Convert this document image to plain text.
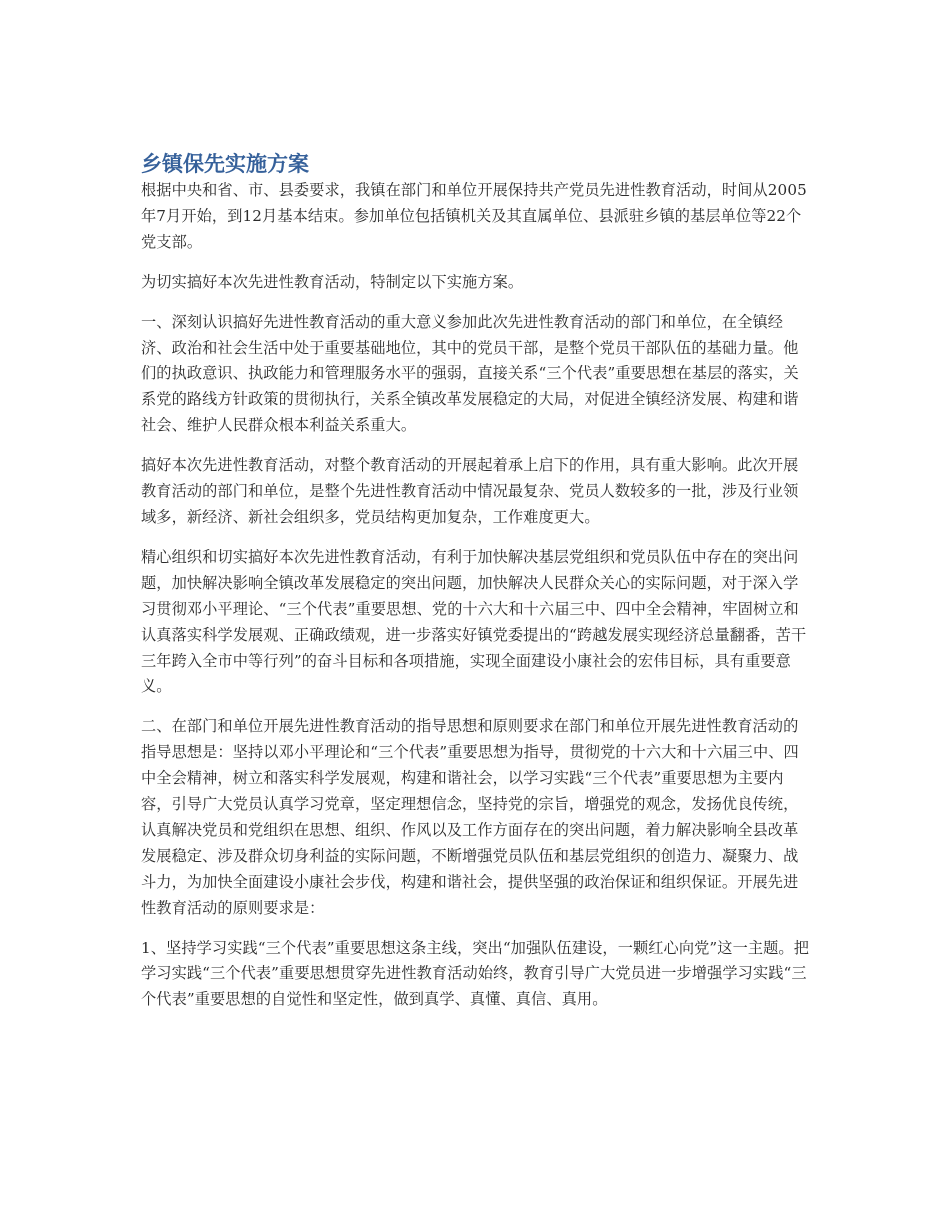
乡镇保先实施方案

根据中央和省、市、县委要求，我镇在部门和单位开展保持共产党员先进性教育活动，时间从2005年7月开始，到12月基本结束。参加单位包括镇机关及其直属单位、县派驻乡镇的基层单位等22个党支部。

为切实搞好本次先进性教育活动，特制定以下实施方案。

一、深刻认识搞好先进性教育活动的重大意义参加此次先进性教育活动的部门和单位，在全镇经济、政治和社会生活中处于重要基础地位，其中的党员干部，是整个党员干部队伍的基础力量。他们的执政意识、执政能力和管理服务水平的强弱，直接关系“三个代表”重要思想在基层的落实，关系党的路线方针政策的贯彻执行，关系全镇改革发展稳定的大局，对促进全镇经济发展、构建和谐社会、维护人民群众根本利益关系重大。

搞好本次先进性教育活动，对整个教育活动的开展起着承上启下的作用，具有重大影响。此次开展教育活动的部门和单位，是整个先进性教育活动中情况最复杂、党员人数较多的一批，涉及行业领域多，新经济、新社会组织多，党员结构更加复杂，工作难度更大。

精心组织和切实搞好本次先进性教育活动，有利于加快解决基层党组织和党员队伍中存在的突出问题，加快解决影响全镇改革发展稳定的突出问题，加快解决人民群众关心的实际问题，对于深入学习贯彻邓小平理论、“三个代表”重要思想、党的十六大和十六届三中、四中全会精神，牢固树立和认真落实科学发展观、正确政绩观，进一步落实好镇党委提出的“跨越发展实现经济总量翻番，苦干三年跨入全市中等行列”的奋斗目标和各项措施，实现全面建设小康社会的宏伟目标，具有重要意义。

二、在部门和单位开展先进性教育活动的指导思想和原则要求在部门和单位开展先进性教育活动的指导思想是：坚持以邓小平理论和“三个代表”重要思想为指导，贯彻党的十六大和十六届三中、四中全会精神，树立和落实科学发展观，构建和谐社会，以学习实践“三个代表”重要思想为主要内容，引导广大党员认真学习党章，坚定理想信念，坚持党的宗旨，增强党的观念，发扬优良传统，认真解决党员和党组织在思想、组织、作风以及工作方面存在的突出问题，着力解决影响全县改革发展稳定、涉及群众切身利益的实际问题，不断增强党员队伍和基层党组织的创造力、凝聚力、战斗力，为加快全面建设小康社会步伐，构建和谐社会，提供坚强的政治保证和组织保证。开展先进性教育活动的原则要求是：

1、坚持学习实践“三个代表”重要思想这条主线，突出“加强队伍建设，一颗红心向党”这一主题。把学习实践“三个代表”重要思想贯穿先进性教育活动始终，教育引导广大党员进一步增强学习实践“三个代表”重要思想的自觉性和坚定性，做到真学、真懂、真信、真用。
